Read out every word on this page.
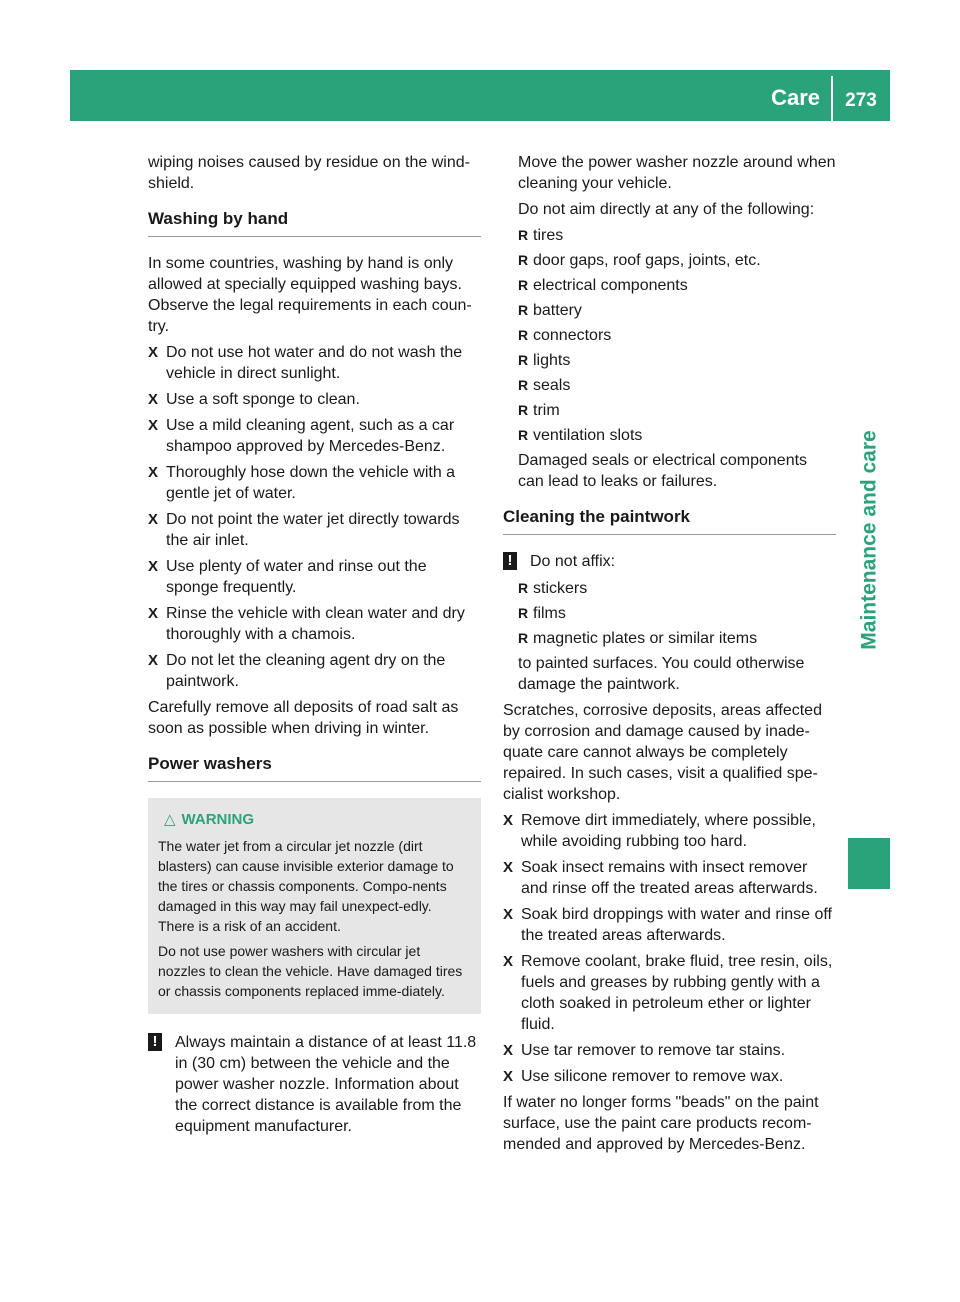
Care	273
Maintenance and care

wiping noises caused by residue on the wind-shield.

Washing by hand

In some countries, washing by hand is only allowed at specially equipped washing bays. Observe the legal requirements in each coun-try.

X Do not use hot water and do not wash the vehicle in direct sunlight.
X Use a soft sponge to clean.
X Use a mild cleaning agent, such as a car shampoo approved by Mercedes-Benz.
X Thoroughly hose down the vehicle with a gentle jet of water.
X Do not point the water jet directly towards the air inlet.
X Use plenty of water and rinse out the sponge frequently.
X Rinse the vehicle with clean water and dry thoroughly with a chamois.
X Do not let the cleaning agent dry on the paintwork.

Carefully remove all deposits of road salt as soon as possible when driving in winter.

Power washers
△ WARNING

The water jet from a circular jet nozzle (dirt blasters) can cause invisible exterior damage to the tires or chassis components. Compo-nents damaged in this way may fail unexpect-edly. There is a risk of an accident.

Do not use power washers with circular jet nozzles to clean the vehicle. Have damaged tires or chassis components replaced imme-diately.

! Always maintain a distance of at least 11.8 in (30 cm) between the vehicle and the power washer nozzle. Information about the correct distance is available from the equipment manufacturer.

Move the power washer nozzle around when cleaning your vehicle.

Do not aim directly at any of the following:

R tires
R door gaps, roof gaps, joints, etc.
R electrical components
R battery
R connectors
R lights
R seals
R trim
R ventilation slots

Damaged seals or electrical components can lead to leaks or failures.

Cleaning the paintwork
! Do not affix:
R stickers
R films
R magnetic plates or similar items

to painted surfaces. You could otherwise damage the paintwork.

Scratches, corrosive deposits, areas affected by corrosion and damage caused by inade-quate care cannot always be completely repaired. In such cases, visit a qualified spe-cialist workshop.

X Remove dirt immediately, where possible, while avoiding rubbing too hard.
X Soak insect remains with insect remover and rinse off the treated areas afterwards.
X Soak bird droppings with water and rinse off the treated areas afterwards.
X Remove coolant, brake fluid, tree resin, oils, fuels and greases by rubbing gently with a cloth soaked in petroleum ether or lighter fluid.
X Use tar remover to remove tar stains.
X Use silicone remover to remove wax.

If water no longer forms "beads" on the paint surface, use the paint care products recom-mended and approved by Mercedes-Benz.
